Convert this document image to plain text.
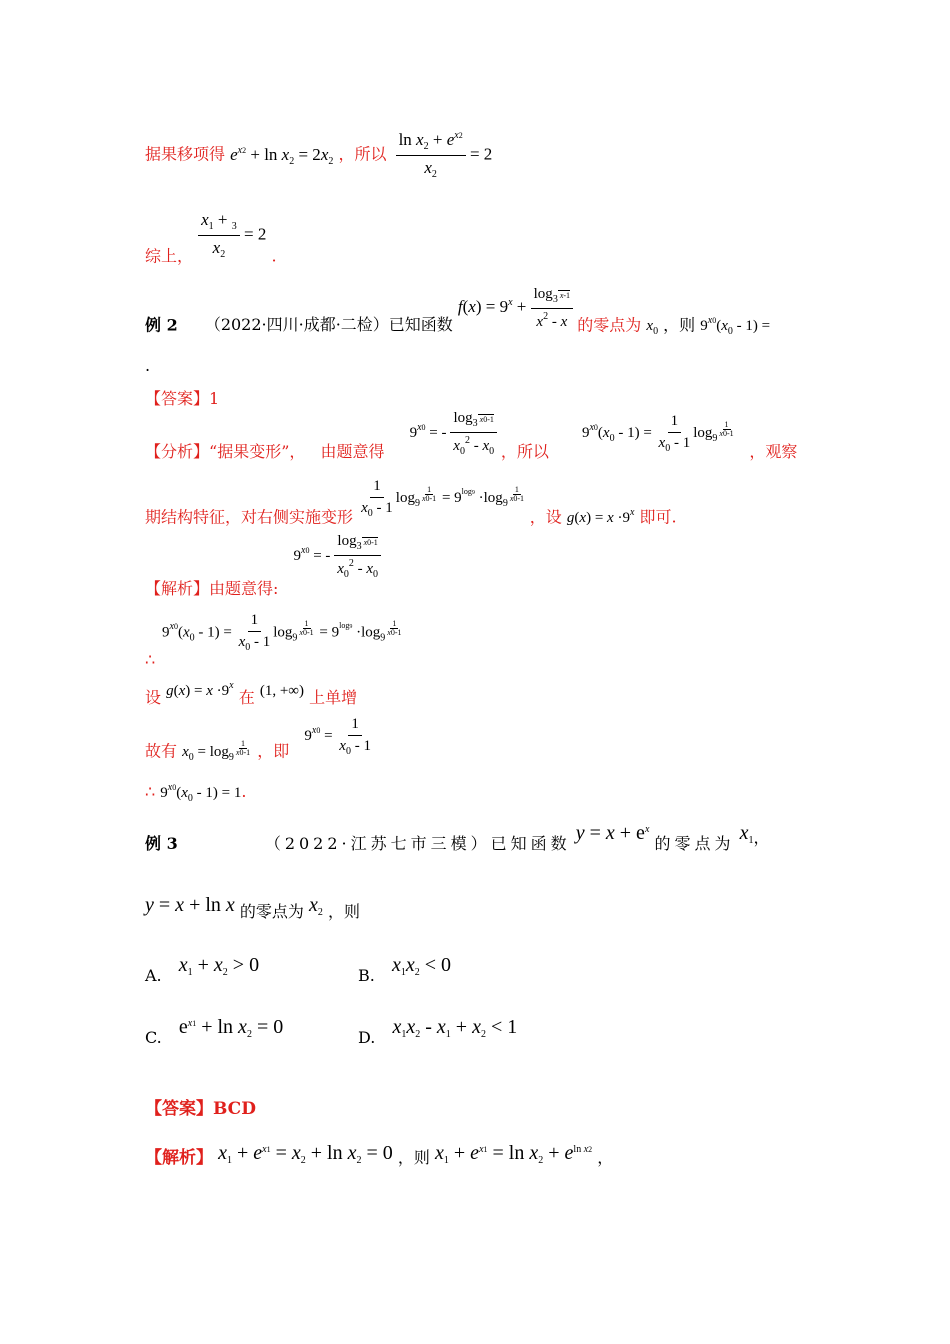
据果移项得 $e^{x2} + \ln x_2 = 2x_2$ ，所以 $\frac{\ln x_2 + e^{x2}}{x_2} = 2$
综上， $\frac{x_1 + _3}{x_2} = 2$ .
例 2 （2022·四川·成都·二检）已知函数 $f(x) = 9^x + \frac{\log_3 x-1}{x^2 - x}$ 的零点为 $x_0$ ，则 $9^{x0}(x_0 - 1)$ =
.
【答案】1
【分析】“据果变形”， 由题意得 $9^{x0}$ = - $\frac{\log_3 x0-1}{x_0^2 - x_0}$ ，所以 $9^{x0}(x_0 - 1) = \frac{1}{x_0 - 1} \log_9$
$\frac{1}{x0-1}$
，观察
期结构特征，对右侧实施变形 $\frac{1}{x_0 - 1} \log_9$
$\frac{1}{x0-1} = 9^{log9} \cdot\log_9$
$\frac{1}{x0-1}$
，设 $g(x) = x \cdot 9^x$ 即可.
【解析】由题意得: $9^{x0}$ = - $\frac{\log_3 x0-1}{x_0^2 - x_0}$
$9^{x0}(x_0 - 1) = \frac{1}{x_0 - 1} \log_9$
$\frac{1}{x0-1} = 9^{log9} \cdot\log_9$
$\frac{1}{x0-1}$
∴
设 $g(x) = x \cdot 9^x$ 在 (1, +∞) 上单增
故有 $x_0 = \log_9$
$\frac{1}{x0-1}$ ，即 $9^{x0} = \frac{1}{x_0 - 1}$
∴ $9^{x0}(x_0 - 1) = 1$.
例 3	（2022·江苏七市三模）已知函数 $y = x + e^x$ 的零点为 $x_1$，
y = x + ln x 的零点为 $x_2$ ，则
A. $x_1 + x_2 > 0$	B. $x_1x_2 < 0$
C. $e^{x1} + \ln x_2 = 0$	D. $x_1x_2 - x_1 + x_2 < 1$
【答案】BCD
【解析】 $x_1 + e^{x1} = x_2 + \ln x_2 = 0$ ，则 $x_1 + e^{x1} = \ln x_2 + e^{ln x2}$ ，
